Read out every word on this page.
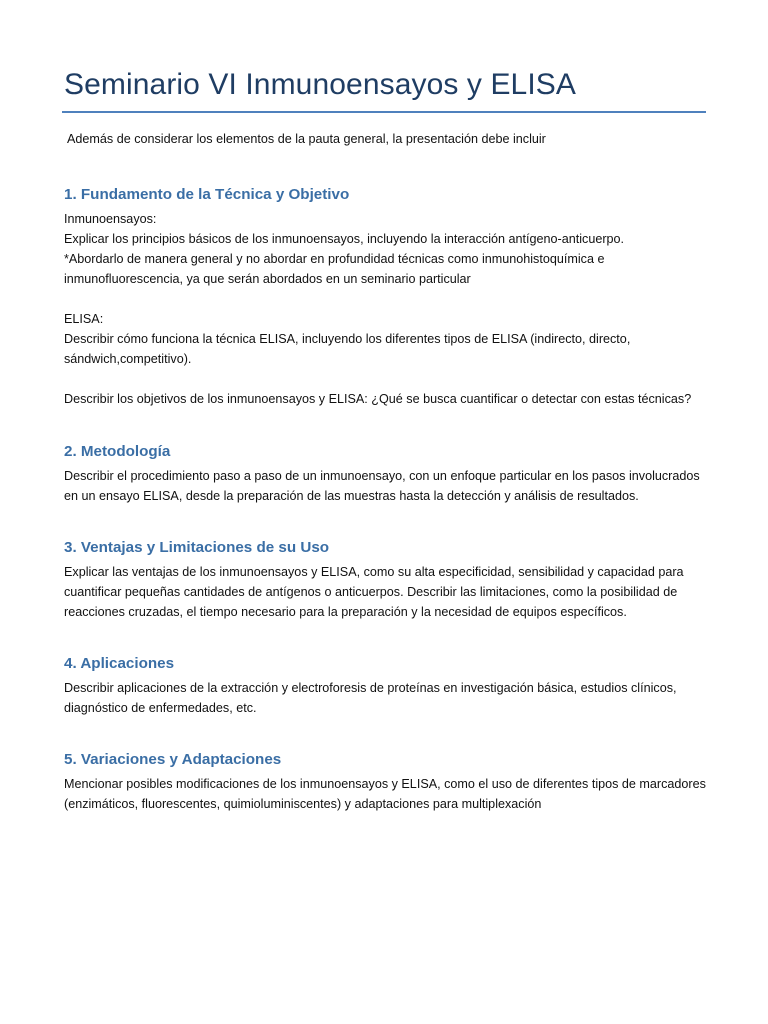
Seminario VI Inmunoensayos y ELISA
Además de considerar los elementos de la pauta general, la presentación debe incluir
1. Fundamento de la Técnica y Objetivo
Inmunoensayos:
Explicar los principios básicos de los inmunoensayos, incluyendo la interacción antígeno-anticuerpo.
*Abordarlo de manera general y no abordar en profundidad técnicas como inmunohistoquímica e
inmunofluorescencia, ya que serán abordados en un seminario particular
ELISA:
Describir cómo funciona la técnica ELISA, incluyendo los diferentes tipos de ELISA (indirecto, directo,
sándwich,competitivo).
Describir los objetivos de los inmunoensayos y ELISA: ¿Qué se busca cuantificar o detectar con estas técnicas?
2. Metodología
Describir el procedimiento paso a paso de un inmunoensayo, con un enfoque particular en los pasos involucrados
en un ensayo ELISA, desde la preparación de las muestras hasta la detección y análisis de resultados.
3. Ventajas y Limitaciones de su Uso
Explicar las ventajas de los inmunoensayos y ELISA, como su alta especificidad, sensibilidad y capacidad para
cuantificar pequeñas cantidades de antígenos o anticuerpos. Describir las limitaciones, como la posibilidad de
reacciones cruzadas, el tiempo necesario para la preparación y la necesidad de equipos específicos.
4. Aplicaciones
Describir aplicaciones de la extracción y electroforesis de proteínas en investigación básica, estudios clínicos,
diagnóstico de enfermedades, etc.
5. Variaciones y Adaptaciones
Mencionar posibles modificaciones de los inmunoensayos y ELISA, como el uso de diferentes tipos de marcadores
(enzimáticos, fluorescentes, quimioluminiscentes) y adaptaciones para multiplexación
